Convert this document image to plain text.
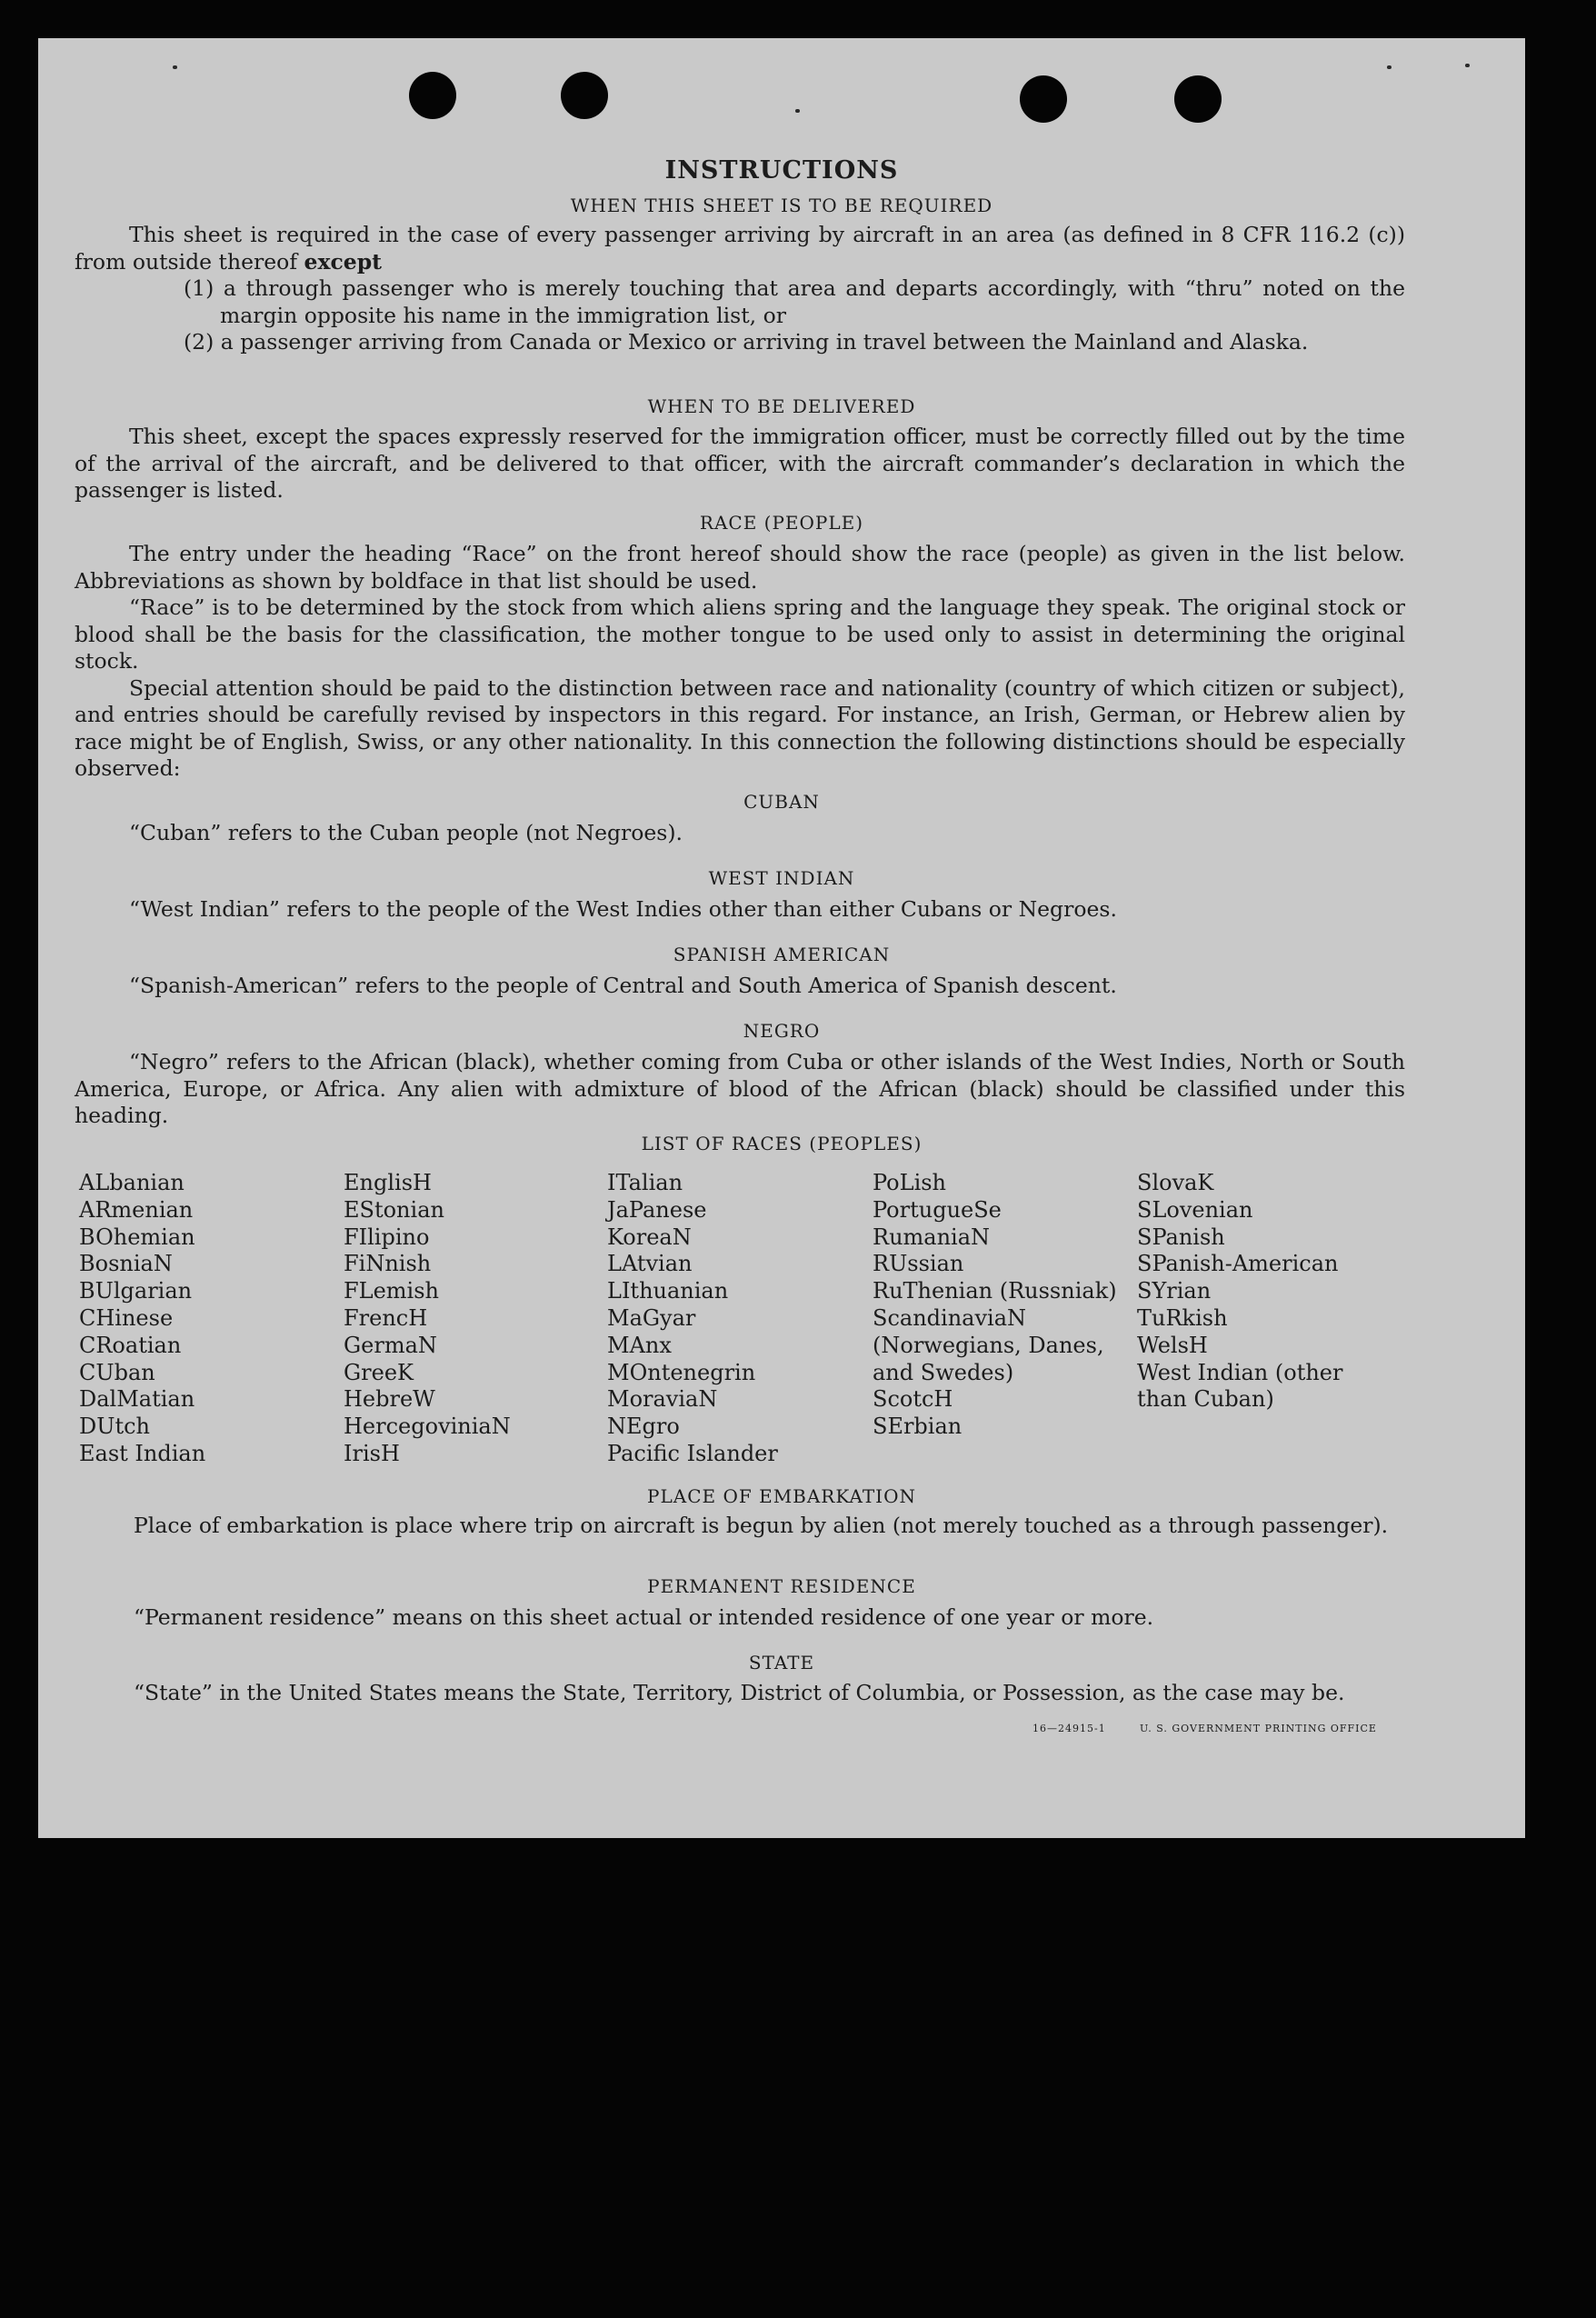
INSTRUCTIONS
WHEN THIS SHEET IS TO BE REQUIRED

This sheet is required in the case of every passenger arriving by aircraft in an area (as defined in 8 CFR 116.2 (c)) from outside thereof except

(1) a through passenger who is merely touching that area and departs accordingly, with “thru” noted on the margin opposite his name in the immigration list, or

(2) a passenger arriving from Canada or Mexico or arriving in travel between the Mainland and Alaska.

WHEN TO BE DELIVERED

This sheet, except the spaces expressly reserved for the immigration officer, must be correctly filled out by the time of the arrival of the aircraft, and be delivered to that officer, with the aircraft commander’s declaration in which the passenger is listed.

RACE (PEOPLE)

The entry under the heading “Race” on the front hereof should show the race (people) as given in the list below. Abbreviations as shown by boldface in that list should be used.

“Race” is to be determined by the stock from which aliens spring and the language they speak. The original stock or blood shall be the basis for the classification, the mother tongue to be used only to assist in determining the original stock.

Special attention should be paid to the distinction between race and nationality (country of which citizen or subject), and entries should be carefully revised by inspectors in this regard. For instance, an Irish, German, or Hebrew alien by race might be of English, Swiss, or any other nationality. In this connection the following distinctions should be especially observed:

CUBAN
“Cuban” refers to the Cuban people (not Negroes).
WEST INDIAN
“West Indian” refers to the people of the West Indies other than either Cubans or Negroes.
SPANISH AMERICAN
“Spanish-American” refers to the people of Central and South America of Spanish descent.
NEGRO

“Negro” refers to the African (black), whether coming from Cuba or other islands of the West Indies, North or South America, Europe, or Africa. Any alien with admixture of blood of the African (black) should be classified under this heading.

LIST OF RACES (PEOPLES)
ALbanian
ARmenian
BOhemian
BosniaN
BUlgarian
CHinese
CRoatian
CUban
DalMatian
DUtch
East Indian
EnglisH
EStonian
FIlipino
FiNnish
FLemish
FrencH
GermaN
GreeK
HebreW
HercegoviniaN
IrisH
ITalian
JaPanese
KoreaN
LAtvian
LIthuanian
MaGyar
MAnx
MOntenegrin
MoraviaN
NEgro
Pacific Islander
PoLish
PortugueSe
RumaniaN
RUssian
RuThenian (Russniak)
ScandinaviaN (Norwegians, Danes, and Swedes)
ScotcH
SErbian
SlovaK
SLovenian
SPanish
SPanish-American
SYrian
TuRkish
WelsH
West Indian (other than Cuban)
PLACE OF EMBARKATION

Place of embarkation is place where trip on aircraft is begun by alien (not merely touched as a through passenger).

PERMANENT RESIDENCE
“Permanent residence” means on this sheet actual or intended residence of one year or more.
STATE

“State” in the United States means the State, Territory, District of Columbia, or Possession, as the case may be.

16—24915-1	U. S. GOVERNMENT PRINTING OFFICE
